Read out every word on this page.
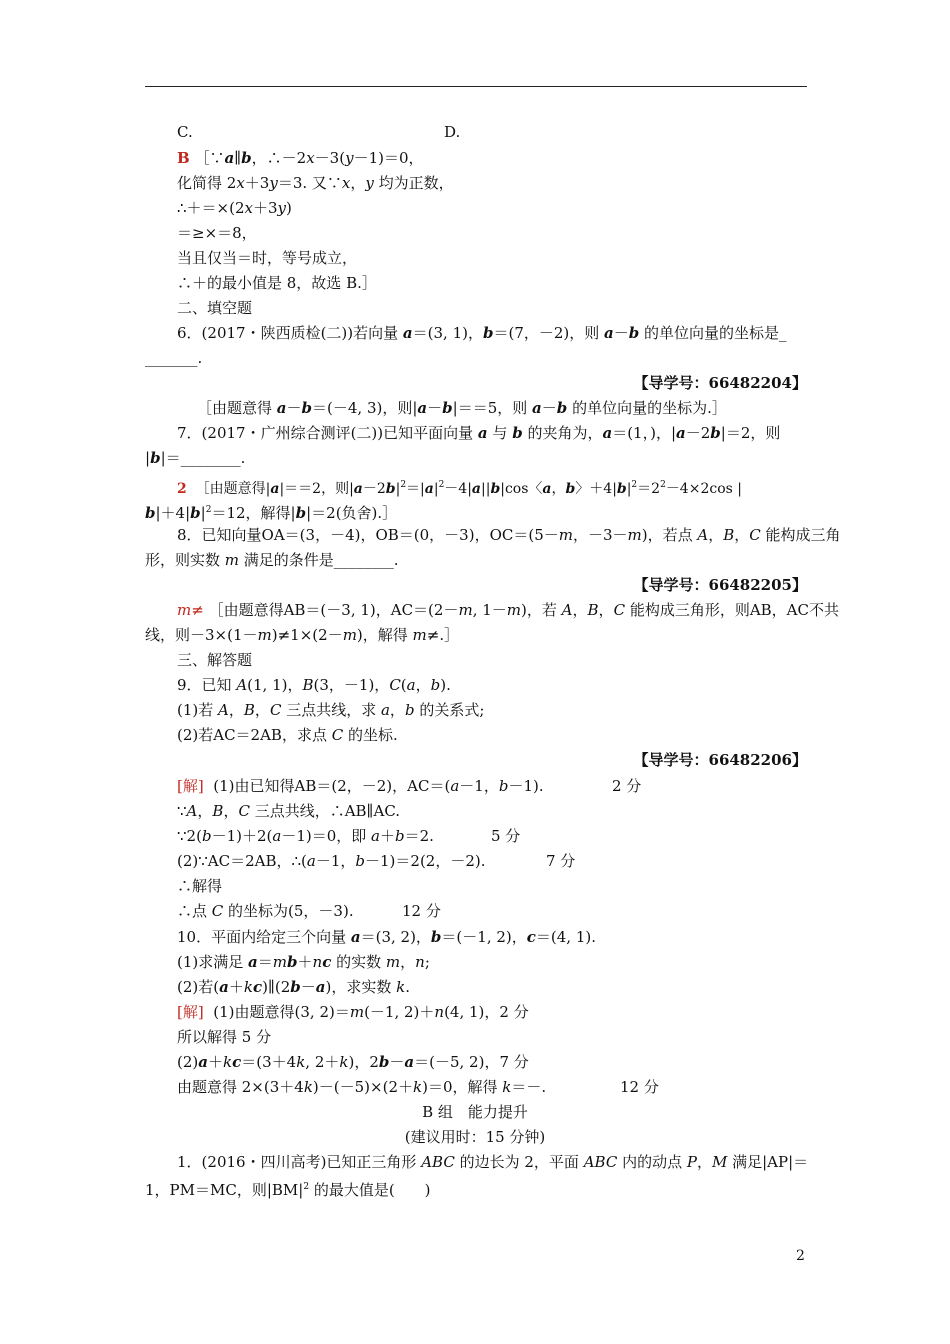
C.	D.
B ［∵a∥b，∴－2x－3(y－1)＝0，
化简得 2x＋3y＝3. 又∵x，y 均为正数，
∴＋＝×(2x＋3y)
＝≥×＝8，
当且仅当＝时，等号成立，
∴＋的最小值是 8，故选 B.］
二、填空题
6．(2017・陕西质检(二))若向量 a＝(3, 1)，b＝(7，－2)，则 a－b 的单位向量的坐标是_
_______.
【导学号：66482204】
［由题意得 a－b＝(－4, 3)，则|a－b|＝＝5，则 a－b 的单位向量的坐标为.］
7．(2017・广州综合测评(二))已知平面向量 a 与 b 的夹角为，a＝(1，)，|a－2b|＝2，则
|b|＝________.
2 ［由题意得|a|＝＝2，则$|a-2b|^2=|a|^2-4|a||b|\cos$〈a，b〉$+4|b|^2=2^2-4\times 2\cos$ |
$b|+4|b|^2=12$，解得|b|＝2(负舍).］
8．已知向量OA＝(3，－4)，OB＝(0，－3)，OC＝(5－m，－3－m)，若点 A，B，C 能构成三角
形，则实数 m 满足的条件是________.
【导学号：66482205】
m≠ ［由题意得AB＝(－3, 1)，AC＝(2－m, 1－m)，若 A，B，C 能构成三角形，则AB，AC不共
线，则－3×(1－m)≠1×(2－m)，解得 m≠.］
三、解答题
9．已知 A(1, 1)，B(3，－1)，C(a，b).
(1)若 A，B，C 三点共线，求 a，b 的关系式;
(2)若AC＝2AB，求点 C 的坐标.
【导学号：66482206】
[解] (1)由已知得AB＝(2，－2)，AC＝(a－1，b－1).	2 分
∵A，B，C 三点共线，∴AB∥AC.
∵2(b－1)＋2(a－1)＝0，即 a＋b＝2.	5 分
(2)∵AC＝2AB，∴(a－1，b－1)＝2(2，－2).	7 分
∴解得
∴点 C 的坐标为(5，－3).	12 分
10．平面内给定三个向量 a＝(3, 2)，b＝(－1, 2)，c＝(4, 1).
(1)求满足 a＝mb＋nc 的实数 m，n;
(2)若(a＋kc)∥(2b－a)，求实数 k.
[解] (1)由题意得(3, 2)＝m(－1, 2)＋n(4, 1)，2 分
所以解得 5 分
(2)a＋kc＝(3＋4k, 2＋k)，2b－a＝(－5, 2)，7 分
由题意得 2×(3＋4k)－(－5)×(2＋k)＝0，解得 k＝－.	12 分
B 组　能力提升
(建议用时：15 分钟)
1．(2016・四川高考)已知正三角形 ABC 的边长为 2，平面 ABC 内的动点 P，M 满足|AP|＝
1，PM＝MC，则$|BM|^2$ 的最大值是(　　)
2
